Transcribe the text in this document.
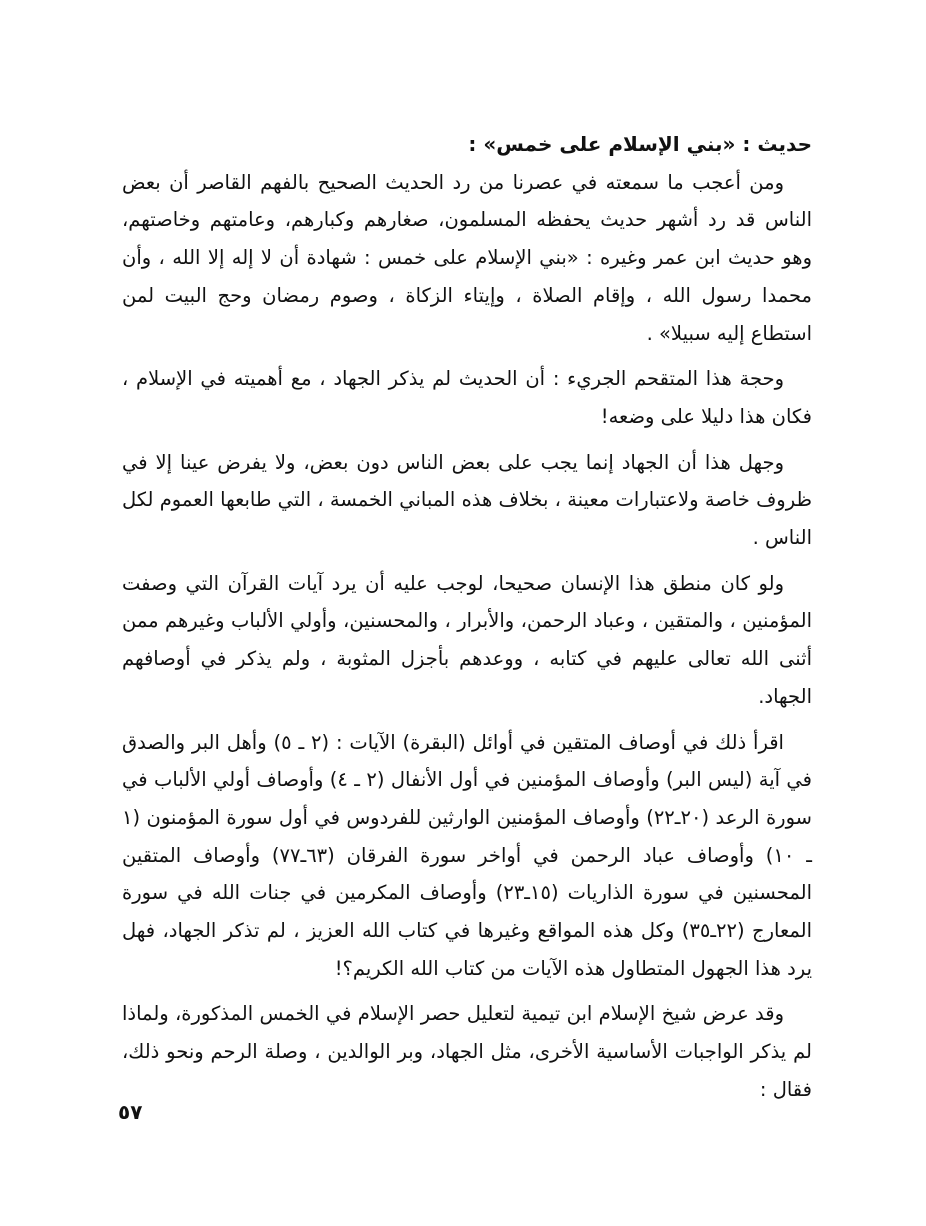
حديث : «بني الإسلام على خمس» :

ومن أعجب ما سمعته في عصرنا من رد الحديث الصحيح بالفهم القاصر أن بعض الناس قد رد أشهر حديث يحفظه المسلمون، صغارهم وكبارهم، وعامتهم وخاصتهم، وهو حديث ابن عمر وغيره : «بني الإسلام على خمس : شهادة أن لا إله إلا الله ، وأن محمدا رسول الله ، وإقام الصلاة ، وإيتاء الزكاة ، وصوم رمضان وحج البيت لمن استطاع إليه سبيلا» .

وحجة هذا المتقحم الجريء : أن الحديث لم يذكر الجهاد ، مع أهميته في الإسلام ، فكان هذا دليلا على وضعه!

وجهل هذا أن الجهاد إنما يجب على بعض الناس دون بعض، ولا يفرض عينا إلا في ظروف خاصة ولاعتبارات معينة ، بخلاف هذه المباني الخمسة ، التي طابعها العموم لكل الناس .

ولو كان منطق هذا الإنسان صحيحا، لوجب عليه أن يرد آيات القرآن التي وصفت المؤمنين ، والمتقين ، وعباد الرحمن، والأبرار ، والمحسنين، وأولي الألباب وغيرهم ممن أثنى الله تعالى عليهم في كتابه ، ووعدهم بأجزل المثوبة ، ولم يذكر في أوصافهم الجهاد.

اقرأ ذلك في أوصاف المتقين في أوائل (البقرة) الآيات : (٢ ـ ٥) وأهل البر والصدق في آية (ليس البر) وأوصاف المؤمنين في أول الأنفال (٢ ـ ٤) وأوصاف أولي الألباب في سورة الرعد (٢٠ـ٢٢) وأوصاف المؤمنين الوارثين للفردوس في أول سورة المؤمنون (١ ـ ١٠) وأوصاف عباد الرحمن في أواخر سورة الفرقان (٦٣ـ٧٧) وأوصاف المتقين المحسنين في سورة الذاريات (١٥ـ٢٣) وأوصاف المكرمين في جنات الله في سورة المعارج (٢٢ـ٣٥) وكل هذه المواقع وغيرها في كتاب الله العزيز ، لم تذكر الجهاد، فهل يرد هذا الجهول المتطاول هذه الآيات من كتاب الله الكريم؟!

وقد عرض شيخ الإسلام ابن تيمية لتعليل حصر الإسلام في الخمس المذكورة، ولماذا لم يذكر الواجبات الأساسية الأخرى، مثل الجهاد، وبر الوالدين ، وصلة الرحم ونحو ذلك، فقال :

٥٧
